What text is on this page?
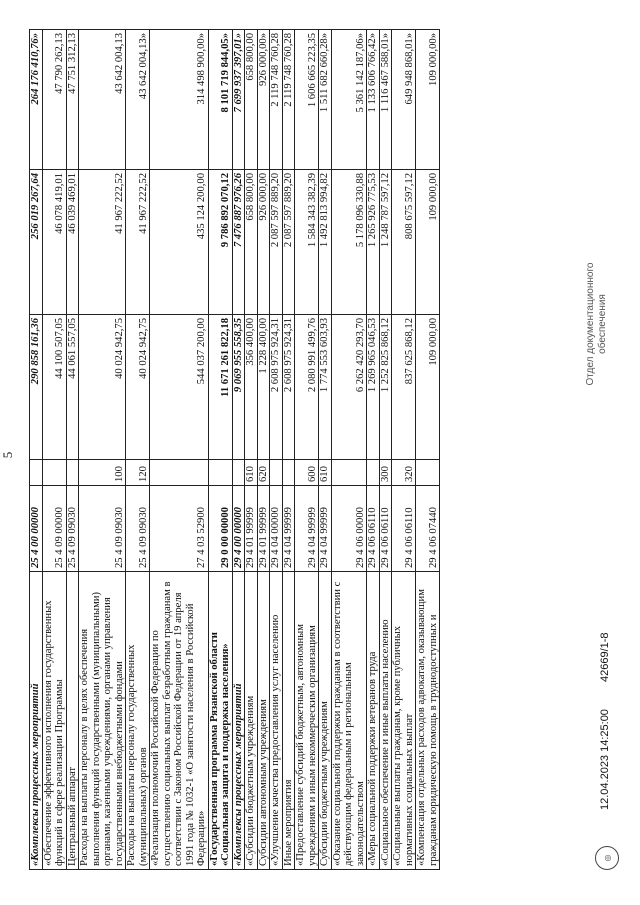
5
«Комплексы процессных мероприятий	25 4 00 00000		290 858 161,36	256 019 267,64	264 176 410,76»
«Обеспечение эффективного исполнения государственных функций в сфере реализации Программы	25 4 09 00000		44 100 507,05	46 078 419,01	47 790 262,13
Центральный аппарат	25 4 09 09030		44 061 557,05	46 039 469,01	47 751 312,13
Расходы на выплаты персоналу в целях обеспечения выполнения функций государственными (муниципальными) органами, казенными учреждениями, органами управления государственными внебюджетными фондами	25 4 09 09030	100	40 024 942,75	41 967 222,52	43 642 004,13
Расходы на выплаты персоналу государственных (муниципальных) органов	25 4 09 09030	120	40 024 942,75	41 967 222,52	43 642 004,13»
«Реализация полномочий Российской Федерации по осуществлению социальных выплат безработным гражданам в соответствии с Законом Российской Федерации от 19 апреля 1991 года № 1032-1 «О занятости населения в Российской Федерации»	27 4 03 52900		544 037 200,00	435 124 200,00	314 498 900,00»
«Государственная программа Рязанской области «Социальная защита и поддержка населения»	29 0 00 00000		11 671 261 822,18	9 786 892 070,12	8 101 719 844,05»
«Комплексы процессных мероприятий	29 4 00 00000		9 069 955 558,35	7 476 887 976,26	7 699 937 397,01»
«Субсидии бюджетным учреждениям	29 4 01 99999	610	356 400,00	658 800,00	658 800,00
Субсидии автономным учреждениям	29 4 01 99999	620	1 228 400,00	926 000,00	926 000,00»
«Улучшение качества предоставления услуг населению	29 4 04 00000		2 608 975 924,31	2 087 597 889,20	2 119 748 760,28
Иные мероприятия	29 4 04 99999		2 608 975 924,31	2 087 597 889,20	2 119 748 760,28
«Предоставление субсидий бюджетным, автономным учреждениям и иным некоммерческим организациям	29 4 04 99999	600	2 080 991 499,76	1 584 343 382,39	1 606 665 223,35
Субсидии бюджетным учреждениям	29 4 04 99999	610	1 774 553 603,93	1 492 813 994,82	1 511 682 660,28»
«Оказание социальной поддержки гражданам в соответствии с действующим федеральным и региональным законодательством	29 4 06 00000		6 262 420 293,70	5 178 096 330,88	5 361 142 187,06»
«Меры социальной поддержки ветеранов труда	29 4 06 06110		1 269 965 046,53	1 265 926 775,53	1 133 606 766,42»
«Социальное обеспечение и иные выплаты населению	29 4 06 06110	300	1 252 825 868,12	1 248 787 597,12	1 116 467 588,01»
«Социальные выплаты гражданам, кроме публичных нормативных социальных выплат	29 4 06 06110	320	837 625 868,12	808 675 597,12	649 948 868,01»
«Компенсация отдельных расходов адвокатам, оказывающим гражданам юридическую помощь в труднодоступных и	29 4 06 07440		109 000,00	109 000,00	109 000,00»
◎
12.04.2023 14:25:00
42669/1-8
Отдел документационного обеспечения
